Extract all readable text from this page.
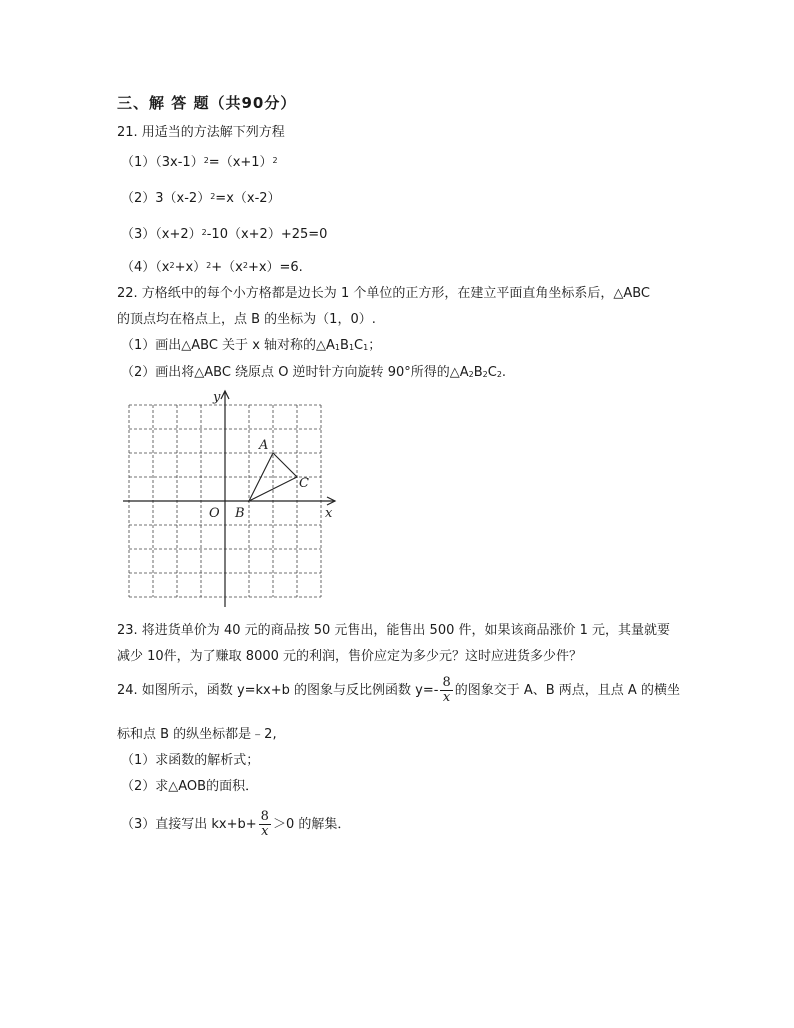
三、解 答 题（共90分）
21. 用适当的方法解下列方程
$(1)(3x-1)^2=(x+1)^2$
$(2)3(x-2)^2=x(x-2)$
$(3)(x+2)^2-10(x+2)+25=0$
$(4)(x^2+x)^2+(x^2+x)=6$.
22. 方格纸中的每个小方格都是边长为 1 个单位的正方形，在建立平面直角坐标系后，△ABC
的顶点均在格点上，点 B 的坐标为（1，0）.
（1）画出△ABC 关于 x 轴对称的$\triangle A_1B_1C_1$；
（2）画出将△ABC 绕原点 O 逆时针方向旋转 90°所得的$\triangle A_2B_2C_2$.
y
x
O
A
B
C
23. 将进货单价为 40 元的商品按 50 元售出，能售出 500 件，如果该商品涨价 1 元，其量就要
减少 10件，为了赚取 8000 元的利润，售价应定为多少元？这时应进货多少件？
24. 如图所示，函数 y=kx+b 的图象与反比例函数 $y=- \frac{8}{x}$ 的图象交于 A、B 两点，且点 A 的横坐
标和点 B 的纵坐标都是﹣2,
（1）求函数的解析式；
（2）求△AOB的面积．
（3）直接写出 $kx+b+ \frac{8}{x} >0$ 的解集．
